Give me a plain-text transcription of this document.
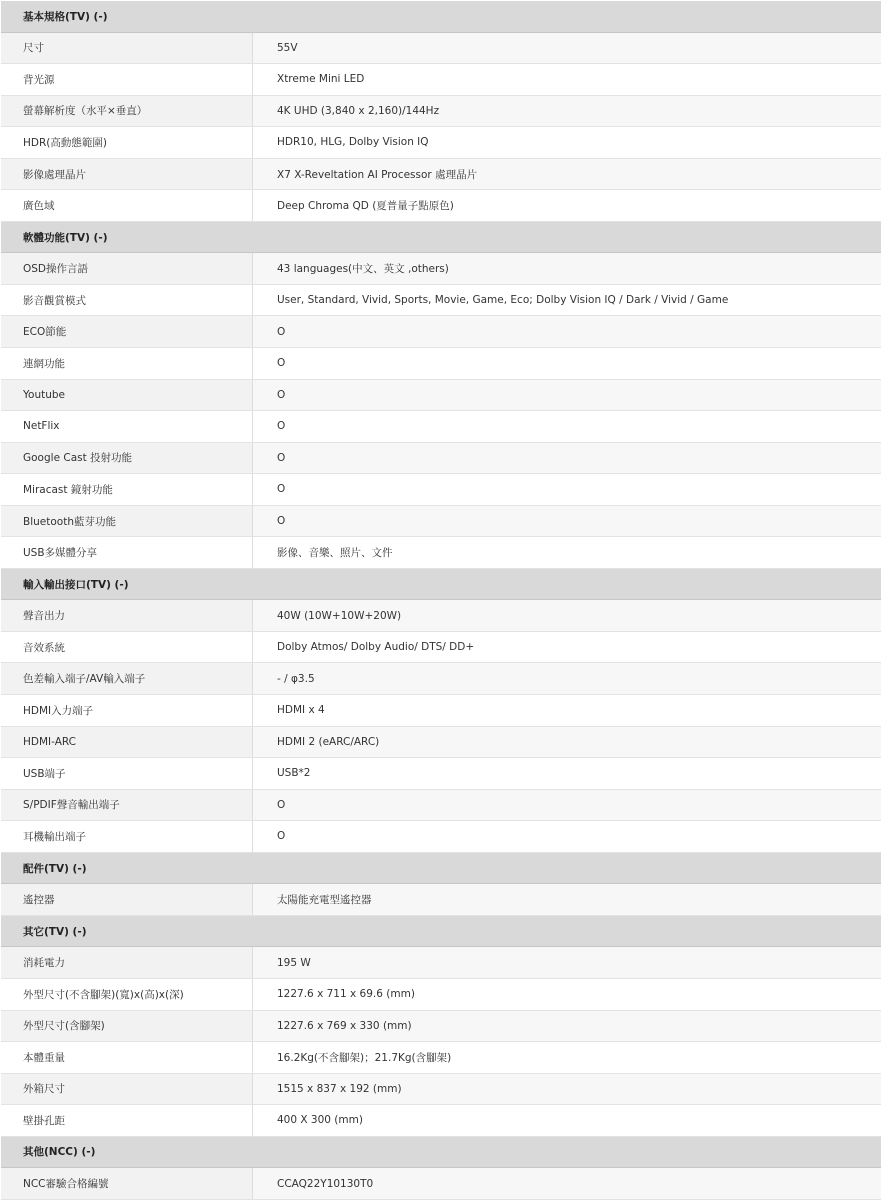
基本規格(TV) (-)
尺寸	55V
背光源	Xtreme Mini LED
螢幕解析度（水平×垂直）	4K UHD (3,840 x 2,160)/144Hz
HDR(高動態範圍)	HDR10, HLG, Dolby Vision IQ
影像處理晶片	X7 X-Reveltation AI Processor 處理晶片
廣色域	Deep Chroma QD (夏普量子點原色)
軟體功能(TV) (-)
OSD操作言語	43 languages(中文、英文 ,others)
影音觀賞模式	User, Standard, Vivid, Sports, Movie, Game, Eco; Dolby Vision IQ / Dark / Vivid / Game
ECO節能	O
連網功能	O
Youtube	O
NetFlix	O
Google Cast 投射功能	O
Miracast 鏡射功能	O
Bluetooth藍芽功能	O
USB多媒體分享	影像、音樂、照片、文件
輸入輸出接口(TV) (-)
聲音出力	40W (10W+10W+20W)
音效系統	Dolby Atmos/ Dolby Audio/ DTS/ DD+
色差輸入端子/AV輸入端子	- / φ3.5
HDMI入力端子	HDMI x 4
HDMI-ARC	HDMI 2 (eARC/ARC)
USB端子	USB*2
S/PDIF聲音輸出端子	O
耳機輸出端子	O
配件(TV) (-)
遙控器	太陽能充電型遙控器
其它(TV) (-)
消耗電力	195 W
外型尺寸(不含腳架)(寬)x(高)x(深)	1227.6 x 711 x 69.6 (mm)
外型尺寸(含腳架)	1227.6 x 769 x 330 (mm)
本體重量	16.2Kg(不含腳架)；21.7Kg(含腳架)
外箱尺寸	1515 x 837 x 192 (mm)
壁掛孔距	400 X 300 (mm)
其他(NCC) (-)
NCC審驗合格編號	CCAQ22Y10130T0
